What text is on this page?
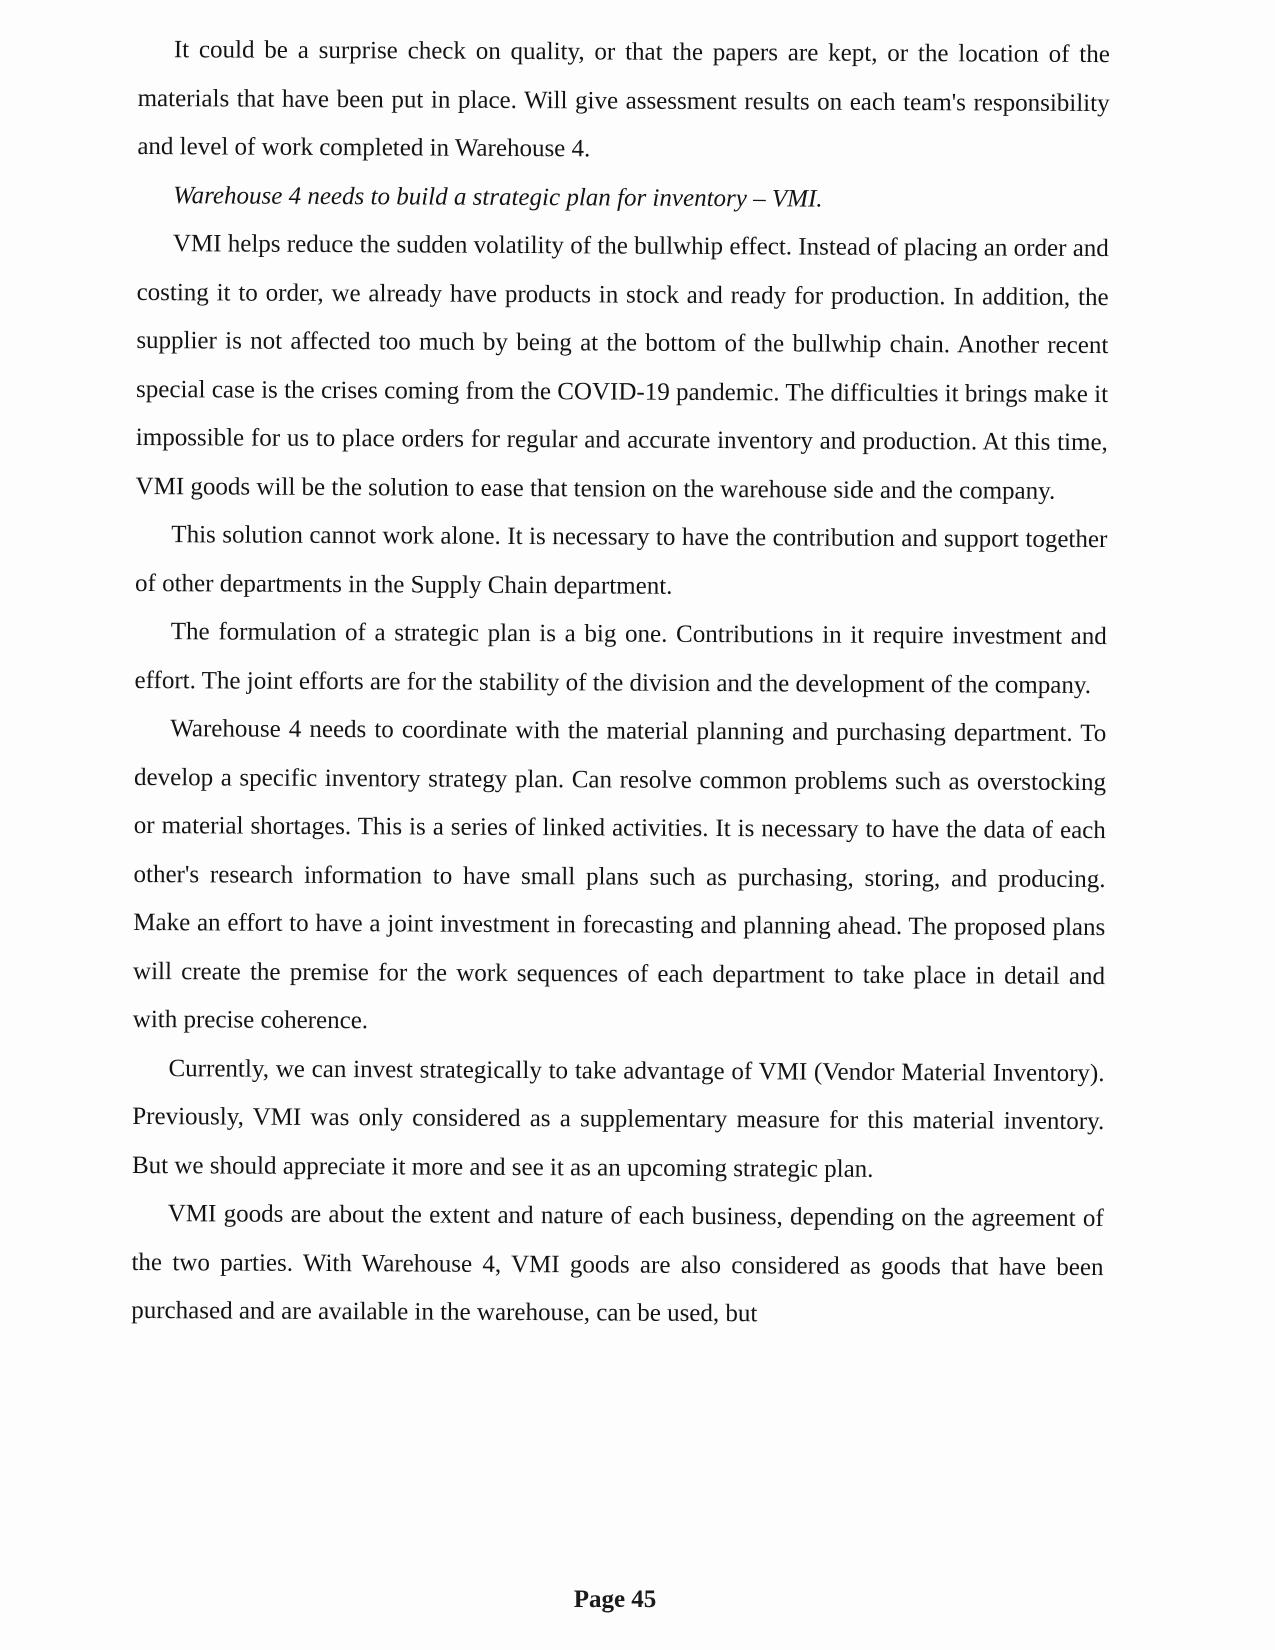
It could be a surprise check on quality, or that the papers are kept, or the location of the materials that have been put in place. Will give assessment results on each team's responsibility and level of work completed in Warehouse 4.

Warehouse 4 needs to build a strategic plan for inventory – VMI.

VMI helps reduce the sudden volatility of the bullwhip effect. Instead of placing an order and costing it to order, we already have products in stock and ready for production. In addition, the supplier is not affected too much by being at the bottom of the bullwhip chain. Another recent special case is the crises coming from the COVID-19 pandemic. The difficulties it brings make it impossible for us to place orders for regular and accurate inventory and production. At this time, VMI goods will be the solution to ease that tension on the warehouse side and the company.

This solution cannot work alone. It is necessary to have the contribution and support together of other departments in the Supply Chain department.

The formulation of a strategic plan is a big one. Contributions in it require investment and effort. The joint efforts are for the stability of the division and the development of the company.

Warehouse 4 needs to coordinate with the material planning and purchasing department. To develop a specific inventory strategy plan. Can resolve common problems such as overstocking or material shortages. This is a series of linked activities. It is necessary to have the data of each other's research information to have small plans such as purchasing, storing, and producing. Make an effort to have a joint investment in forecasting and planning ahead. The proposed plans will create the premise for the work sequences of each department to take place in detail and with precise coherence.

Currently, we can invest strategically to take advantage of VMI (Vendor Material Inventory). Previously, VMI was only considered as a supplementary measure for this material inventory. But we should appreciate it more and see it as an upcoming strategic plan.

VMI goods are about the extent and nature of each business, depending on the agreement of the two parties. With Warehouse 4, VMI goods are also considered as goods that have been purchased and are available in the warehouse, can be used, but

Page 45
